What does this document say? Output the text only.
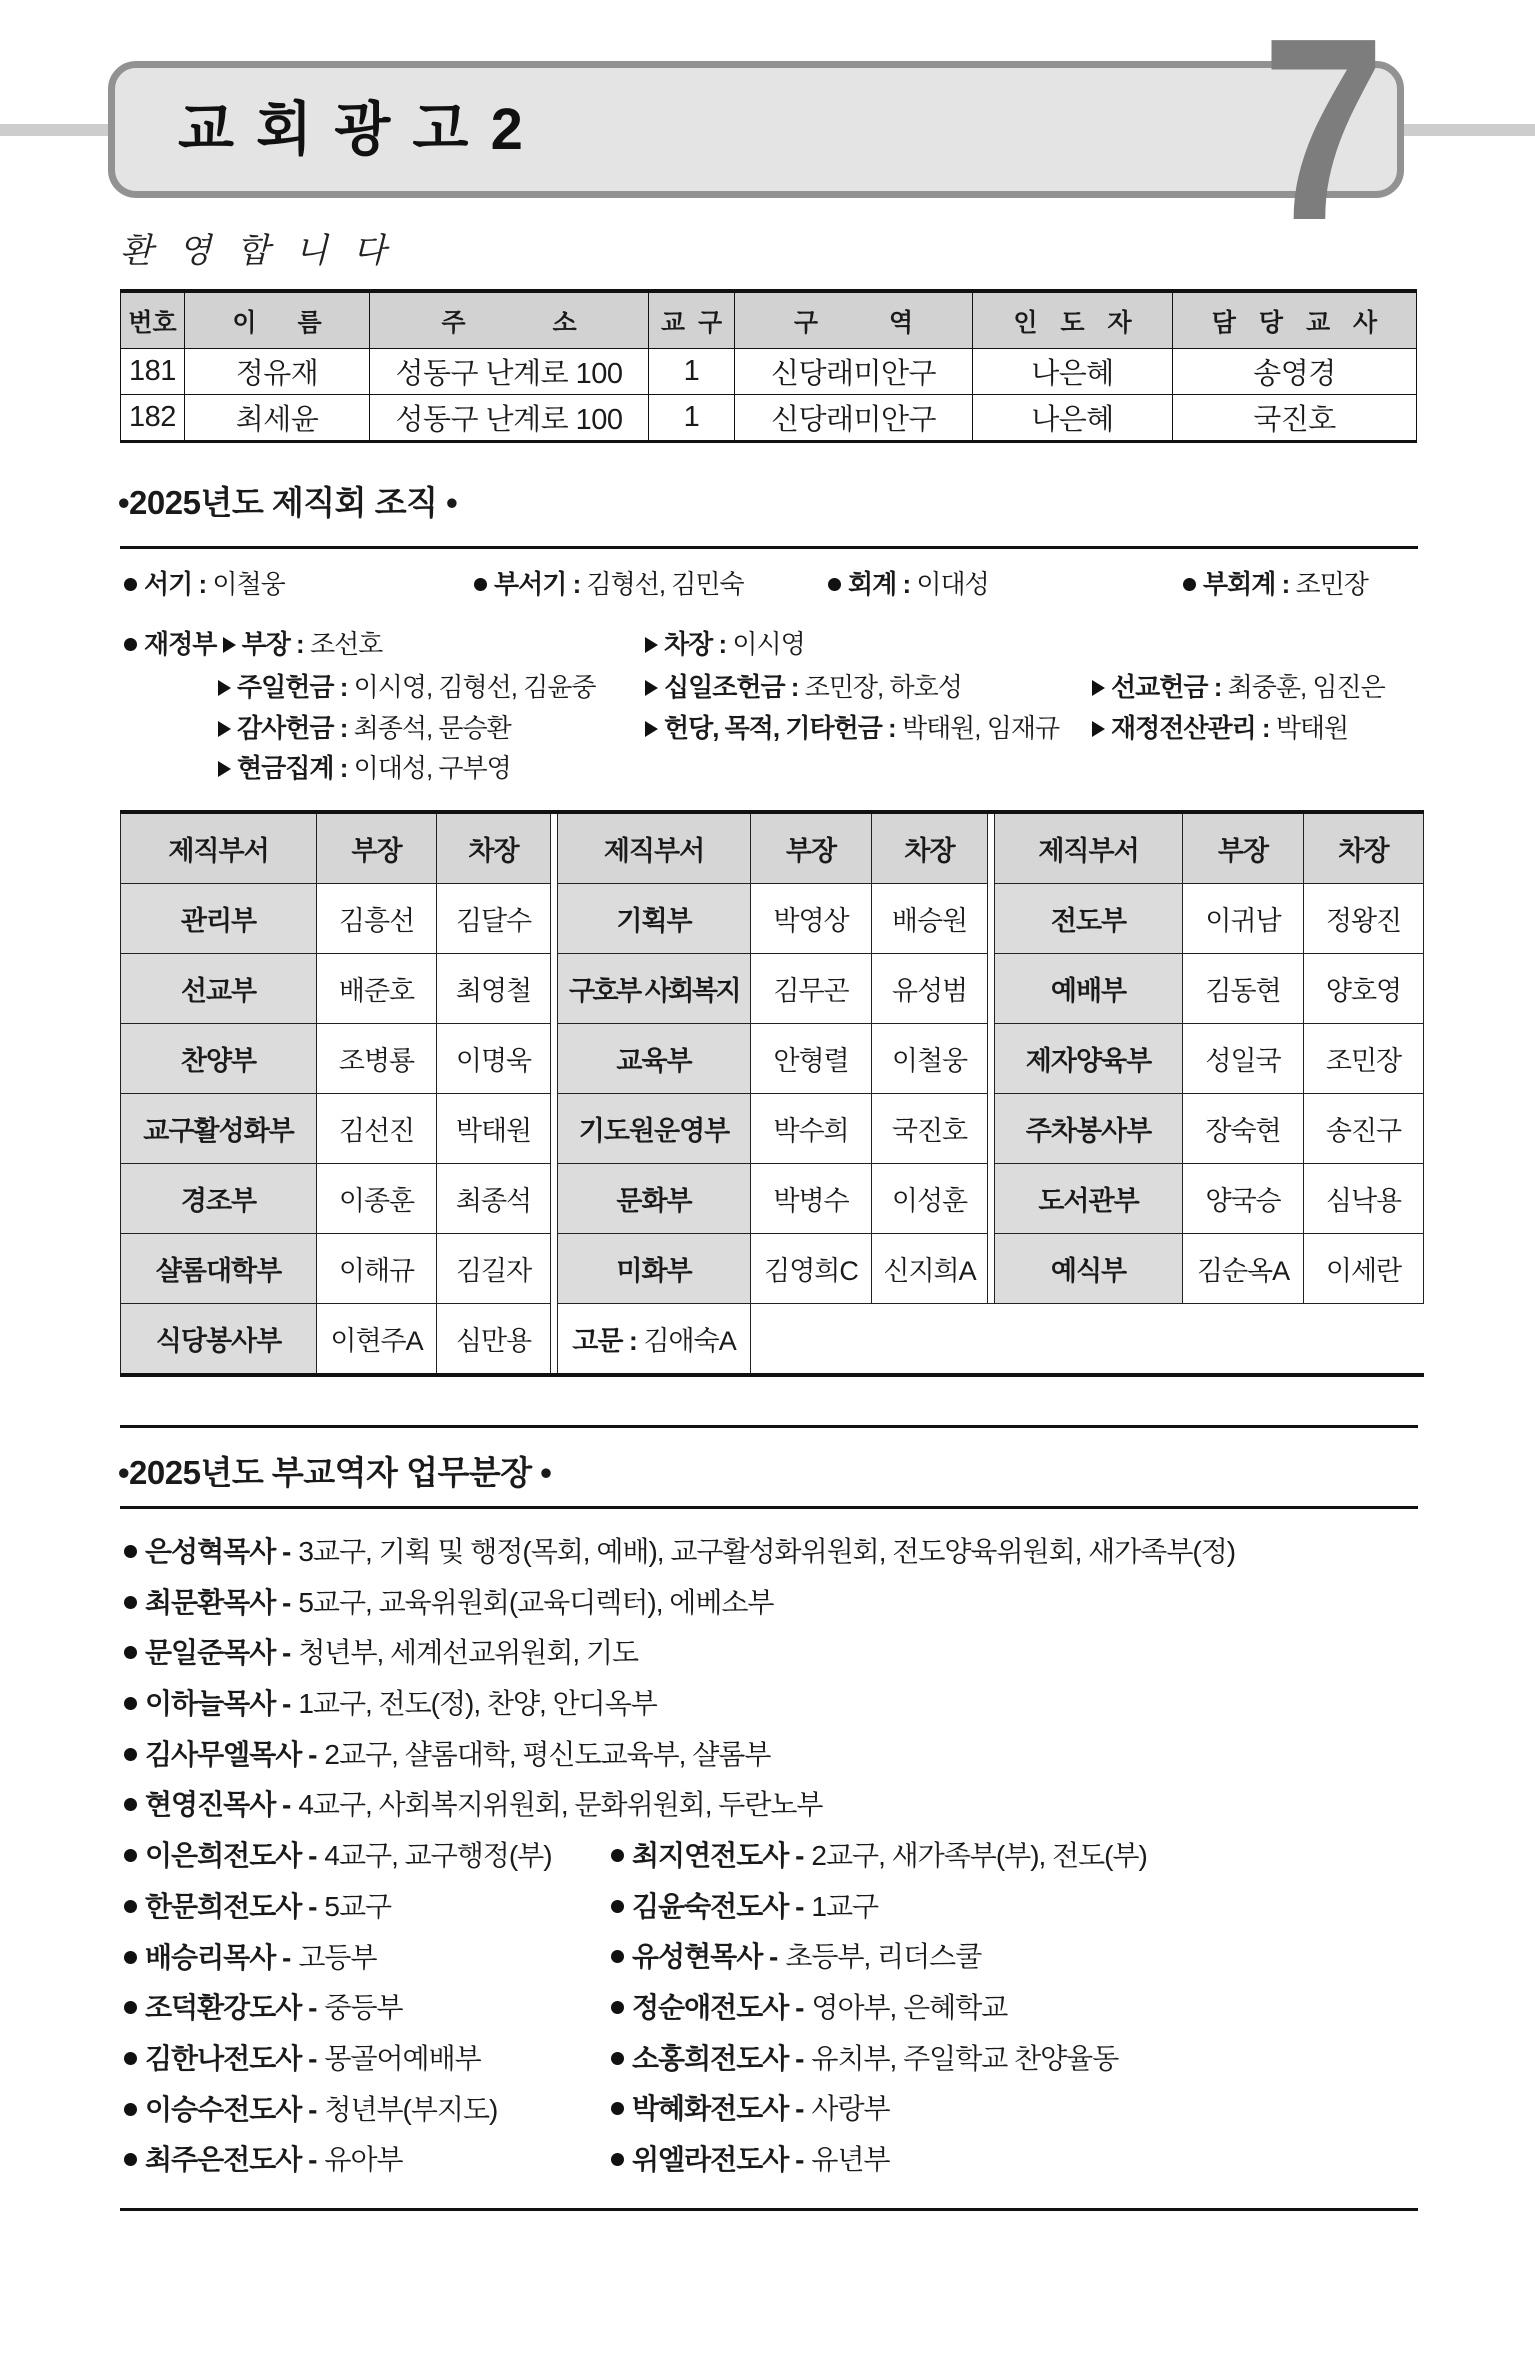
교 회 광 고 2	7
환 영 합 니 다
번호	이 름	주 소	교 구	구 역	인 도 자	담 당 교 사
181	정유재	성동구 난계로 100	1	신당래미안구	나은혜	송영경
182	최세윤	성동구 난계로 100	1	신당래미안구	나은혜	국진호
•2025년도 제직회 조직 •
서기 : 이철웅	부서기 : 김형선, 김민숙	회계 : 이대성	부회계 : 조민장
재정부 부장 : 조선호	차장 : 이시영
주일헌금 : 이시영, 김형선, 김윤중	십일조헌금 : 조민장, 하호성	선교헌금 : 최중훈, 임진은
감사헌금 : 최종석, 문승환	헌당, 목적, 기타헌금 : 박태원, 임재규	재정전산관리 : 박태원
현금집계 : 이대성, 구부영
제직부서	부장	차장		제직부서	부장	차장		제직부서	부장	차장
관리부	김흥선	김달수		기획부	박영상	배승원		전도부	이귀남	정왕진
선교부	배준호	최영철		구호부 사회복지	김무곤	유성범		예배부	김동현	양호영
찬양부	조병룡	이명욱		교육부	안형렬	이철웅		제자양육부	성일국	조민장
교구활성화부	김선진	박태원		기도원운영부	박수희	국진호		주차봉사부	장숙현	송진구
경조부	이종훈	최종석		문화부	박병수	이성훈		도서관부	양국승	심낙용
샬롬대학부	이해규	김길자		미화부	김영희C	신지희A		예식부	김순옥A	이세란
식당봉사부	이현주A	심만용		고문 : 김애숙A						
•2025년도 부교역자 업무분장 •
은성혁목사 - 3교구, 기획 및 행정(목회, 예배), 교구활성화위원회, 전도양육위원회, 새가족부(정)
최문환목사 - 5교구, 교육위원회(교육디렉터), 에베소부
문일준목사 - 청년부, 세계선교위원회, 기도
이하늘목사 - 1교구, 전도(정), 찬양, 안디옥부
김사무엘목사 - 2교구, 샬롬대학, 평신도교육부, 샬롬부
현영진목사 - 4교구, 사회복지위원회, 문화위원회, 두란노부
이은희전도사 - 4교구, 교구행정(부)
한문희전도사 - 5교구
배승리목사 - 고등부
조덕환강도사 - 중등부
김한나전도사 - 몽골어예배부
이승수전도사 - 청년부(부지도)
최주은전도사 - 유아부
최지연전도사 - 2교구, 새가족부(부), 전도(부)
김윤숙전도사 - 1교구
유성현목사 - 초등부, 리더스쿨
정순애전도사 - 영아부, 은혜학교
소홍희전도사 - 유치부, 주일학교 찬양율동
박혜화전도사 - 사랑부
위엘라전도사 - 유년부
